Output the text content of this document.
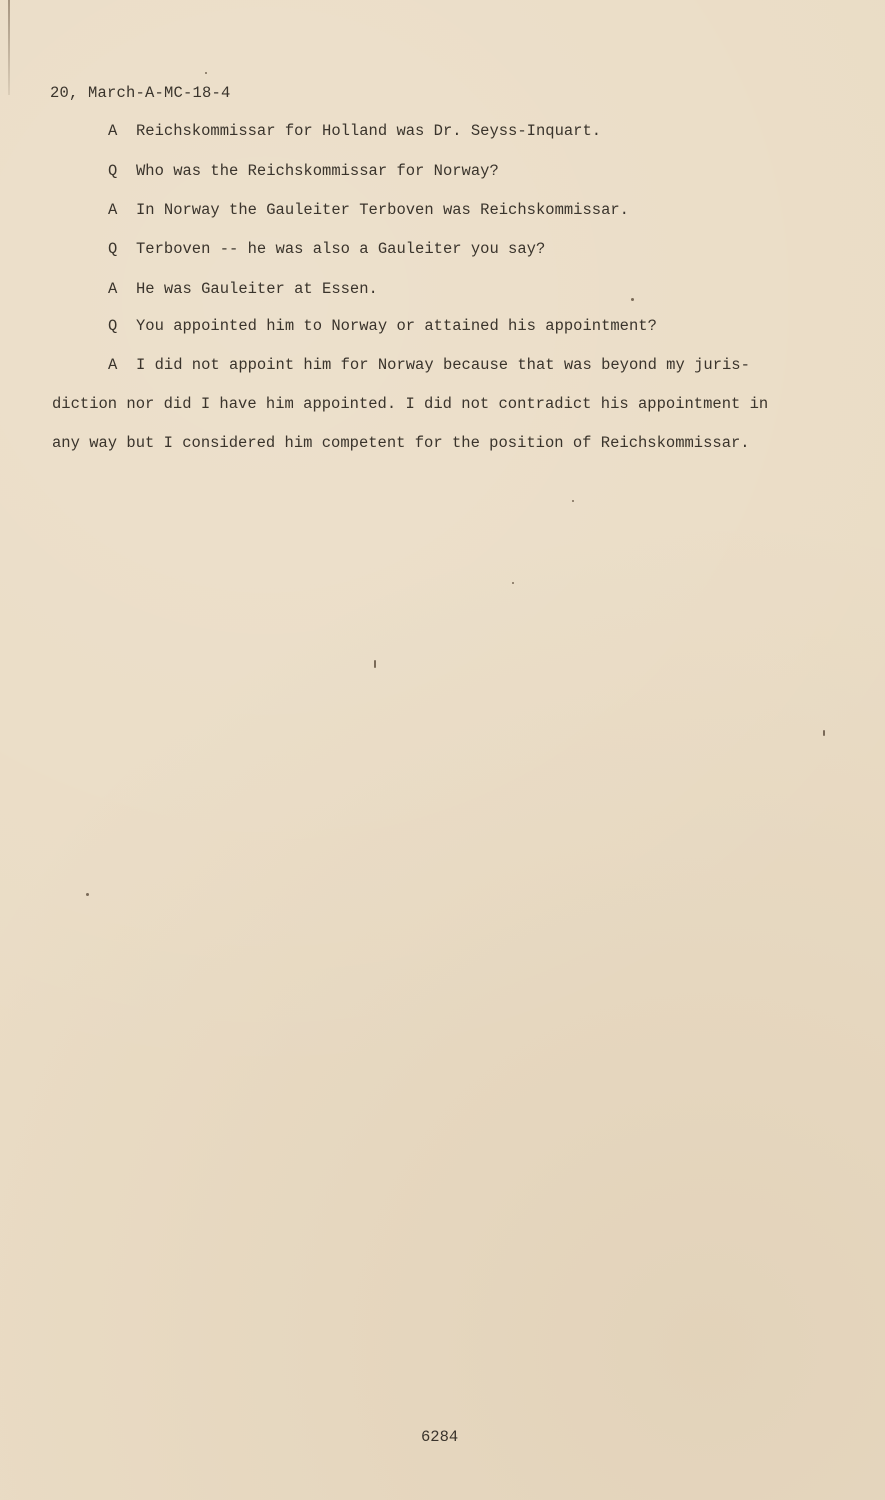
20, March-A-MC-18-4
A	Reichskommissar for Holland was Dr. Seyss-Inquart.
Q	Who was the Reichskommissar for Norway?
A	In Norway the Gauleiter Terboven was Reichskommissar.
Q	Terboven -- he was also a Gauleiter you say?
A	He was Gauleiter at Essen.
Q	You appointed him to Norway or attained his appointment?
A	I did not appoint him for Norway because that was beyond my juris-
diction nor did I have him appointed. I did not contradict his appointment in
any way but I considered him competent for the position of Reichskommissar.
6284
